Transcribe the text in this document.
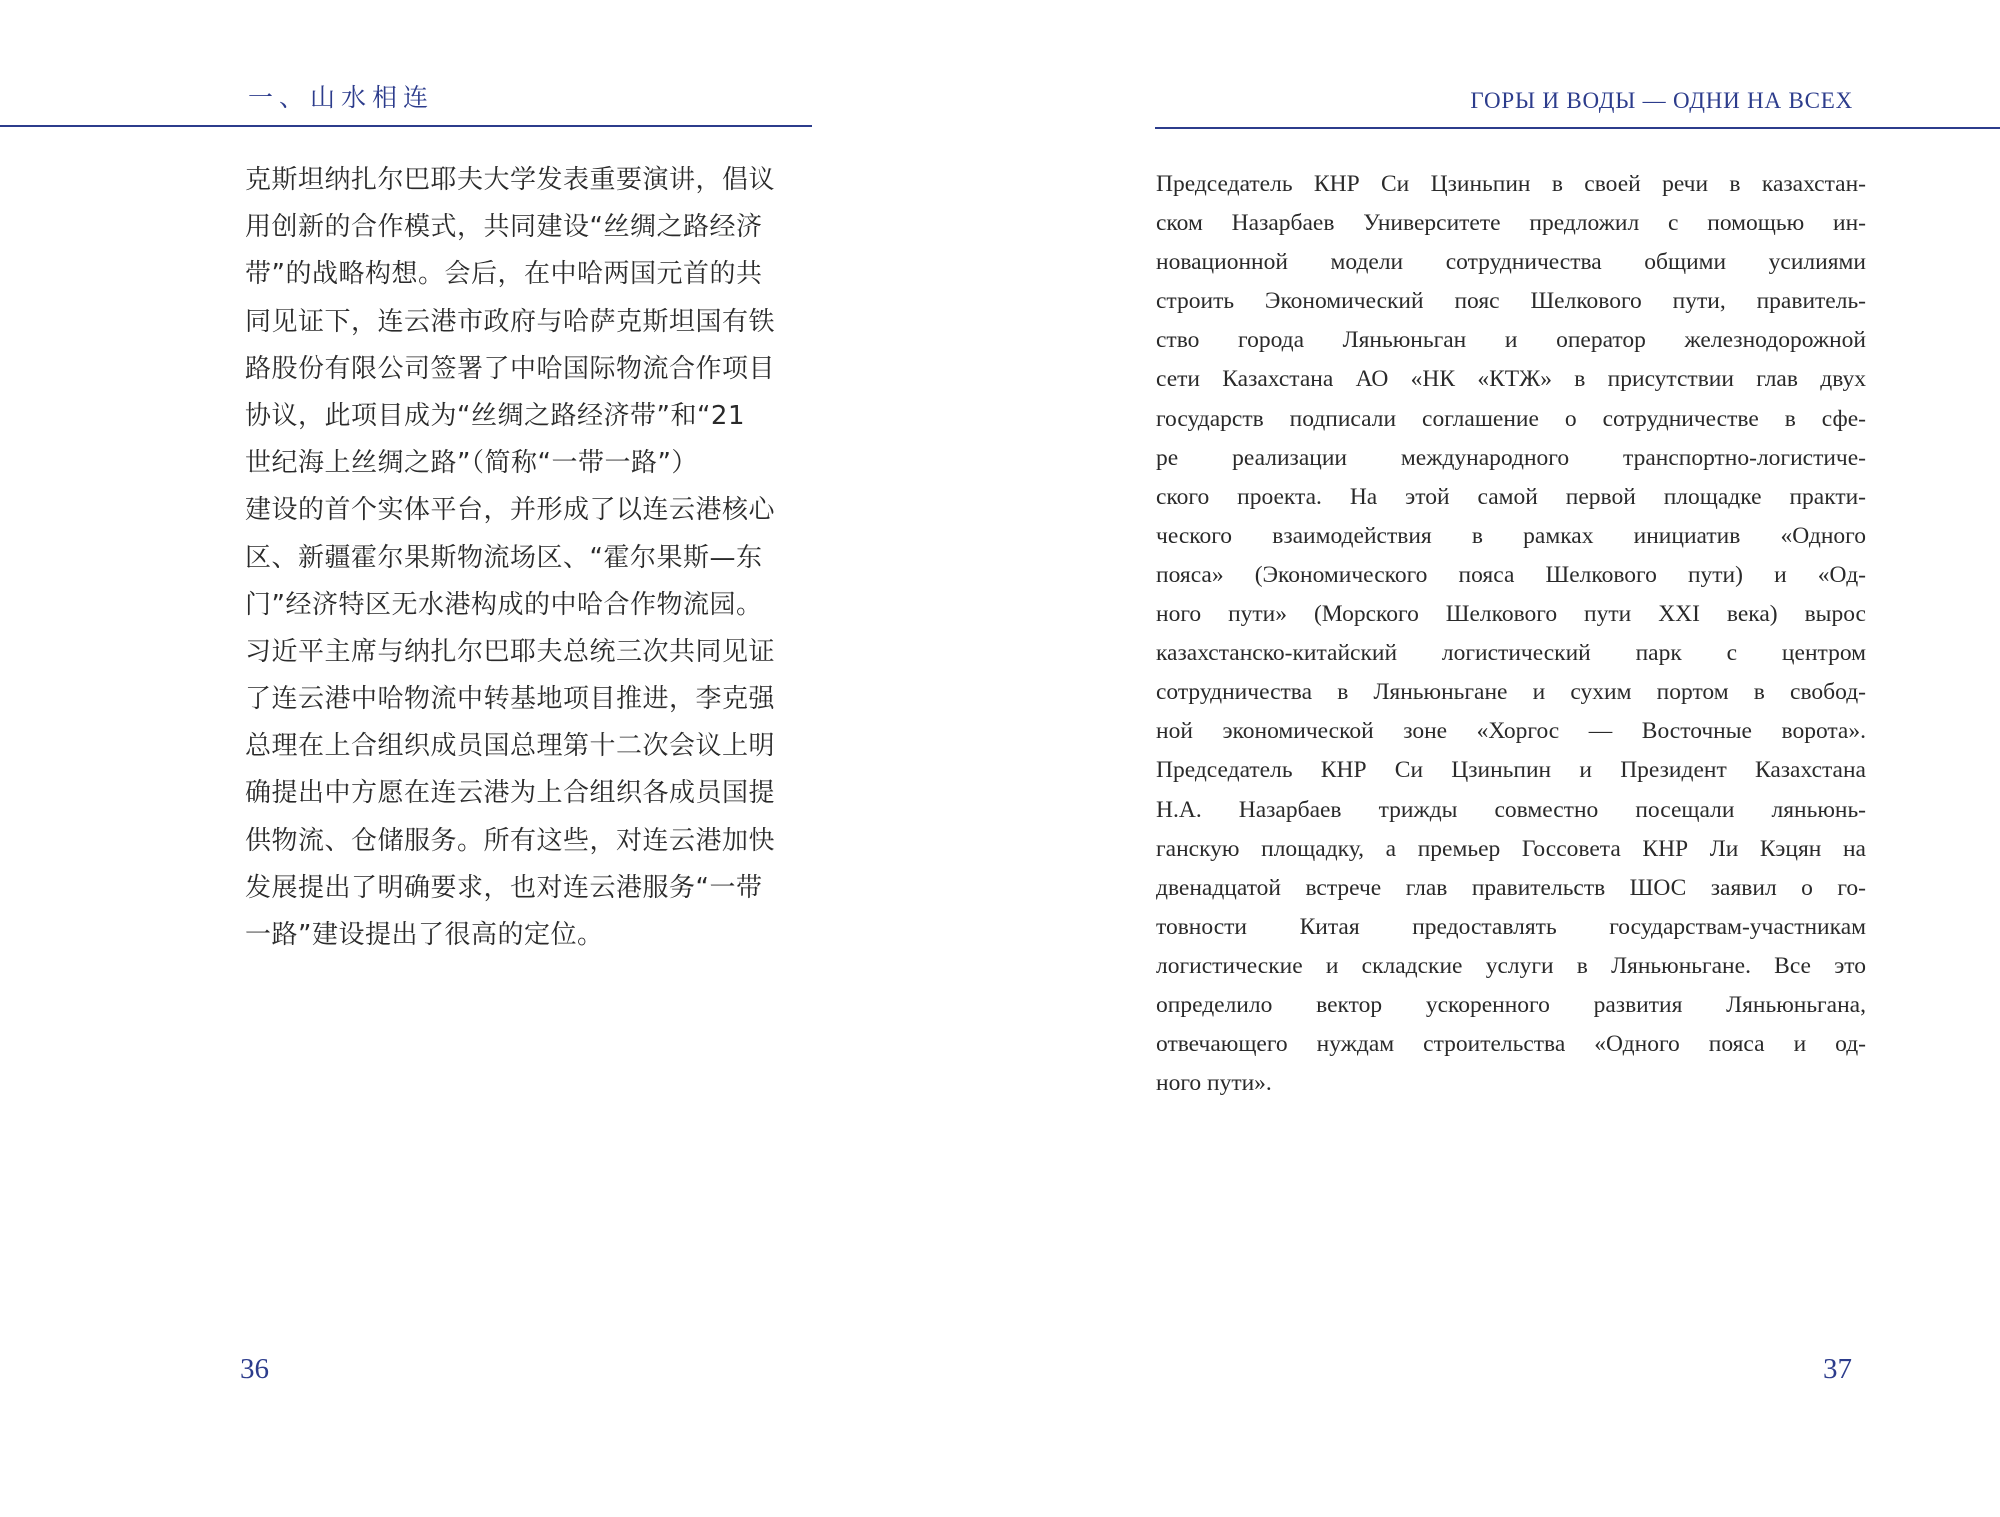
一、山水相连
克斯坦纳扎尔巴耶夫大学发表重要演讲，倡议
用创新的合作模式，共同建设“丝绸之路经济
带”的战略构想。会后，在中哈两国元首的共
同见证下，连云港市政府与哈萨克斯坦国有铁
路股份有限公司签署了中哈国际物流合作项目
协议，此项目成为“丝绸之路经济带”和“21
世纪海上丝绸之路”（简称“一带一路”）
建设的首个实体平台，并形成了以连云港核心
区、新疆霍尔果斯物流场区、“霍尔果斯—东
门”经济特区无水港构成的中哈合作物流园。
习近平主席与纳扎尔巴耶夫总统三次共同见证
了连云港中哈物流中转基地项目推进，李克强
总理在上合组织成员国总理第十二次会议上明
确提出中方愿在连云港为上合组织各成员国提
供物流、仓储服务。所有这些，对连云港加快
发展提出了明确要求，也对连云港服务“一带
一路”建设提出了很高的定位。
36
ГОРЫ И ВОДЫ — ОДНИ НА ВСЕХ
Председатель КНР Си Цзиньпин в своей речи в казахстан-
ском Назарбаев Университете предложил с помощью ин-
новационной модели сотрудничества общими усилиями
строить Экономический пояс Шелкового пути, правитель-
ство города Ляньюньган и оператор железнодорожной
сети Казахстана АО «НК «КТЖ» в присутствии глав двух
государств подписали соглашение о сотрудничестве в сфе-
ре реализации международного транспортно-логистиче-
ского проекта. На этой самой первой площадке практи-
ческого взаимодействия в рамках инициатив «Одного
пояса» (Экономического пояса Шелкового пути) и «Од-
ного пути» (Морского Шелкового пути XXI века) вырос
казахстанско-китайский логистический парк с центром
сотрудничества в Ляньюньгане и сухим портом в свобод-
ной экономической зоне «Хоргос — Восточные ворота».
Председатель КНР Си Цзиньпин и Президент Казахстана
Н.А. Назарбаев трижды совместно посещали ляньюнь-
ганскую площадку, а премьер Госсовета КНР Ли Кэцян на
двенадцатой встрече глав правительств ШОС заявил о го-
товности Китая предоставлять государствам-участникам
логистические и складские услуги в Ляньюньгане. Все это
определило вектор ускоренного развития Ляньюньгана,
отвечающего нуждам строительства «Одного пояса и од-
ного пути».
37
